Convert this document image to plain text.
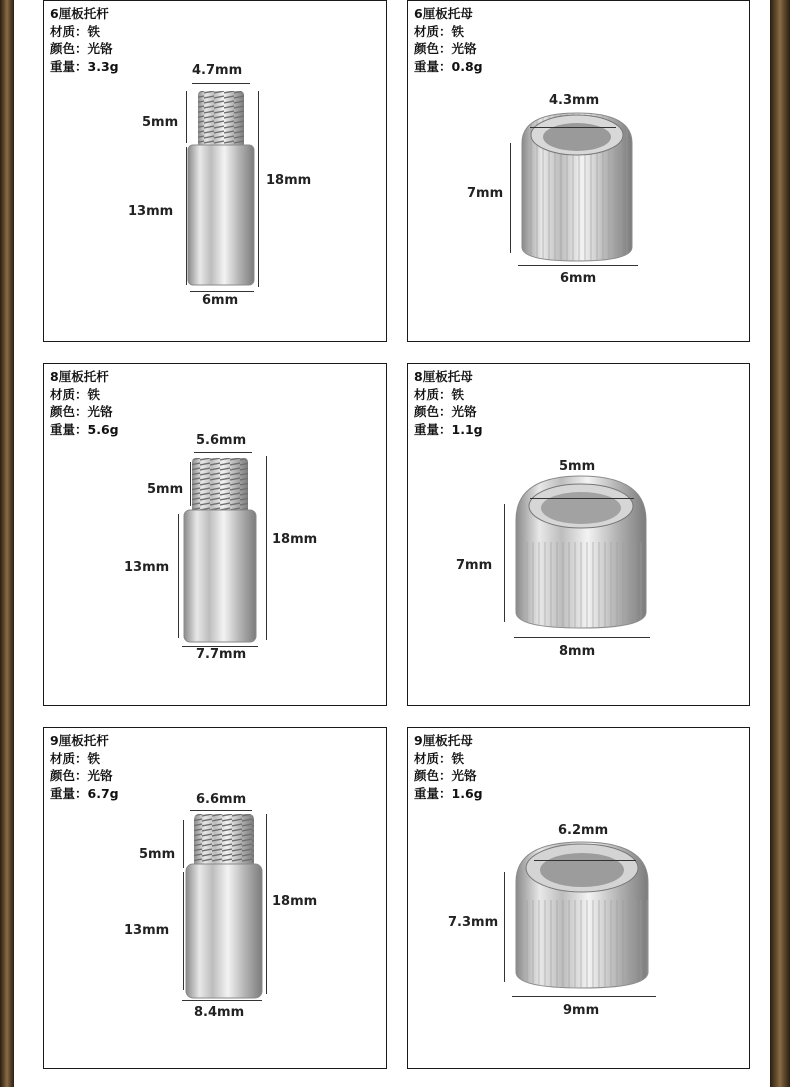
6厘板托杆
材质：铁
颜色：光铬
重量：3.3g	4.7mm
5mm
13mm
18mm
6mm
6厘板托母
材质：铁
颜色：光铬
重量：0.8g
4.3mm
7mm
6mm
8厘板托杆
材质：铁
颜色：光铬
重量：5.6g
5.6mm
5mm
13mm
18mm
7.7mm
8厘板托母
材质：铁
颜色：光铬
重量：1.1g
5mm
7mm
8mm
9厘板托杆
材质：铁
颜色：光铬
重量：6.7g	6.6mm
5mm
13mm
18mm
8.4mm
9厘板托母
材质：铁
颜色：光铬
重量：1.6g
6.2mm
7.3mm
9mm
